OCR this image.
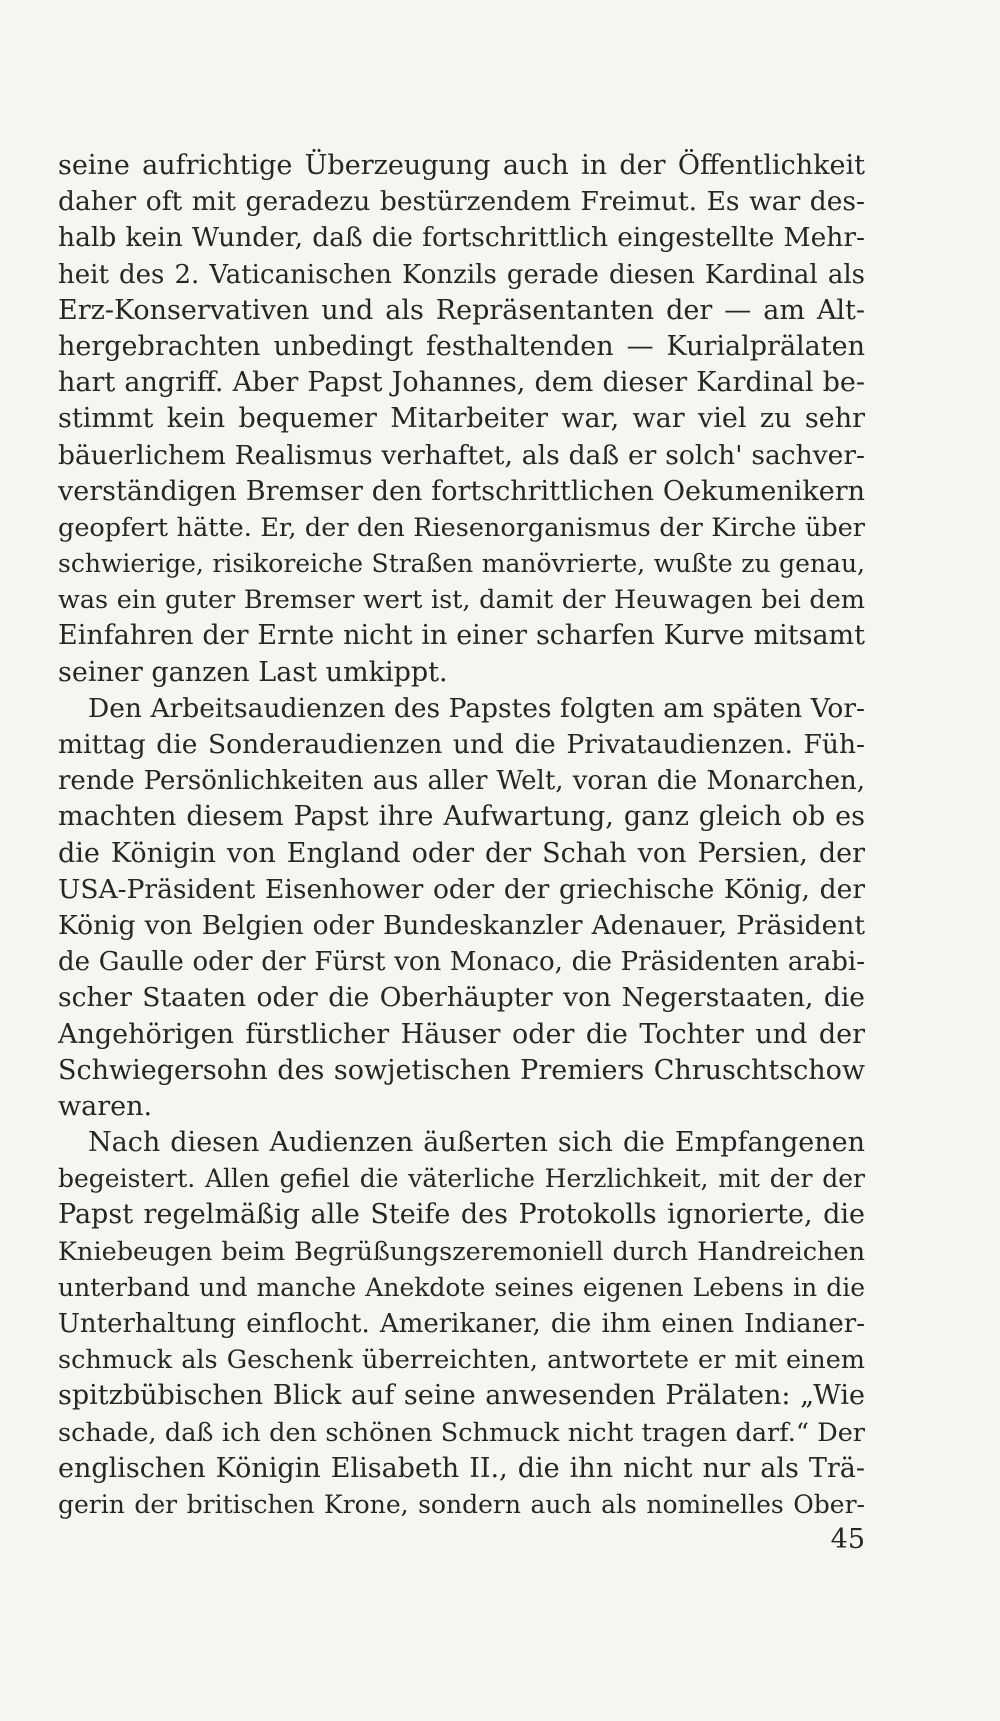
seine aufrichtige Überzeugung auch in der Öffentlichkeit
daher oft mit geradezu bestürzendem Freimut. Es war des-
halb kein Wunder, daß die fortschrittlich eingestellte Mehr-
heit des 2. Vaticanischen Konzils gerade diesen Kardinal als
Erz-Konservativen und als Repräsentanten der — am Alt-
hergebrachten unbedingt festhaltenden — Kurialprälaten
hart angriff. Aber Papst Johannes, dem dieser Kardinal be-
stimmt kein bequemer Mitarbeiter war, war viel zu sehr
bäuerlichem Realismus verhaftet, als daß er solch' sachver-
verständigen Bremser den fortschrittlichen Oekumenikern
geopfert hätte. Er, der den Riesenorganismus der Kirche über
schwierige, risikoreiche Straßen manövrierte, wußte zu genau,
was ein guter Bremser wert ist, damit der Heuwagen bei dem
Einfahren der Ernte nicht in einer scharfen Kurve mitsamt
seiner ganzen Last umkippt.
Den Arbeitsaudienzen des Papstes folgten am späten Vor-
mittag die Sonderaudienzen und die Privataudienzen. Füh-
rende Persönlichkeiten aus aller Welt, voran die Monarchen,
machten diesem Papst ihre Aufwartung, ganz gleich ob es
die Königin von England oder der Schah von Persien, der
USA-Präsident Eisenhower oder der griechische König, der
König von Belgien oder Bundeskanzler Adenauer, Präsident
de Gaulle oder der Fürst von Monaco, die Präsidenten arabi-
scher Staaten oder die Oberhäupter von Negerstaaten, die
Angehörigen fürstlicher Häuser oder die Tochter und der
Schwiegersohn des sowjetischen Premiers Chruschtschow
waren.
Nach diesen Audienzen äußerten sich die Empfangenen
begeistert. Allen gefiel die väterliche Herzlichkeit, mit der der
Papst regelmäßig alle Steife des Protokolls ignorierte, die
Kniebeugen beim Begrüßungszeremoniell durch Handreichen
unterband und manche Anekdote seines eigenen Lebens in die
Unterhaltung einflocht. Amerikaner, die ihm einen Indianer-
schmuck als Geschenk überreichten, antwortete er mit einem
spitzbübischen Blick auf seine anwesenden Prälaten: „Wie
schade, daß ich den schönen Schmuck nicht tragen darf.“ Der
englischen Königin Elisabeth II., die ihn nicht nur als Trä-
gerin der britischen Krone, sondern auch als nominelles Ober-
45
